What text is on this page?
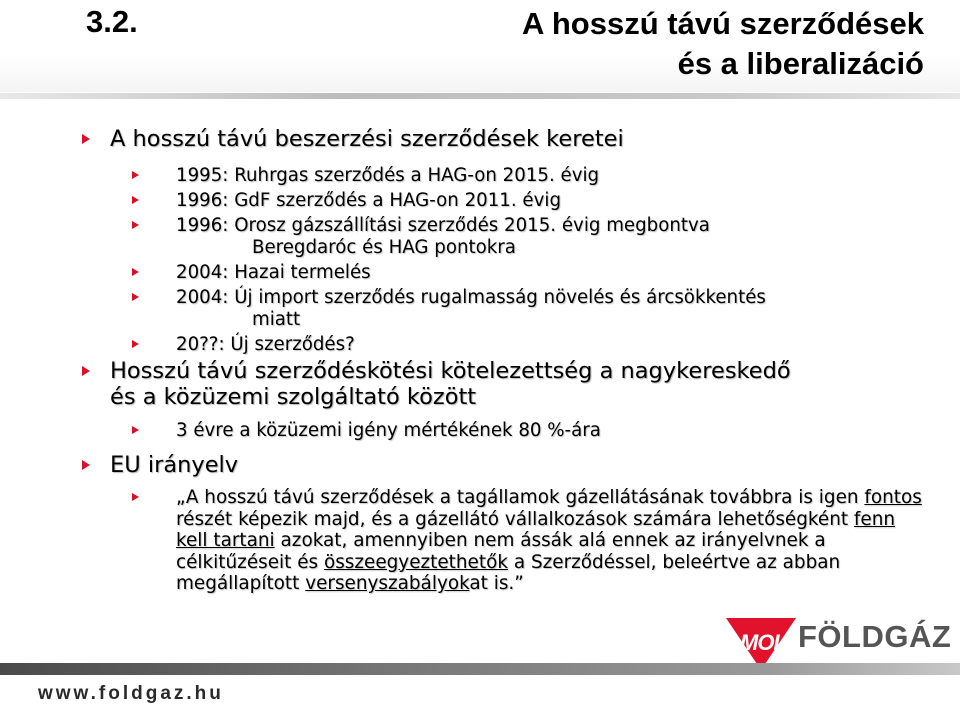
3.2.	A hosszú távú szerződések
és a liberalizáció
A hosszú távú beszerzési szerződések keretei
1995: Ruhrgas szerződés a HAG-on 2015. évig
1996: GdF szerződés a HAG-on 2011. évig
1996: Orosz gázszállítási szerződés 2015. évig megbontva
Beregdaróc és HAG pontokra
2004: Hazai termelés
2004: Új import szerződés rugalmasság növelés és árcsökkentés
miatt
20??: Új szerződés?
Hosszú távú szerződéskötési kötelezettség a nagykereskedő
és a közüzemi szolgáltató között
3 évre a közüzemi igény mértékének 80 %-ára
EU irányelv
„A hosszú távú szerződések a tagállamok gázellátásának továbbra is igen fontos részét képezik majd, és a gázellátó vállalkozások számára lehetőségként fenn kell tartani azokat, amennyiben nem ássák alá ennek az irányelvnek a célkitűzéseit és összeegyeztethetők a Szerződéssel, beleértve az abban megállapított versenyszabályokat is.”
MOL FÖLDGÁZ
www.foldgaz.hu
